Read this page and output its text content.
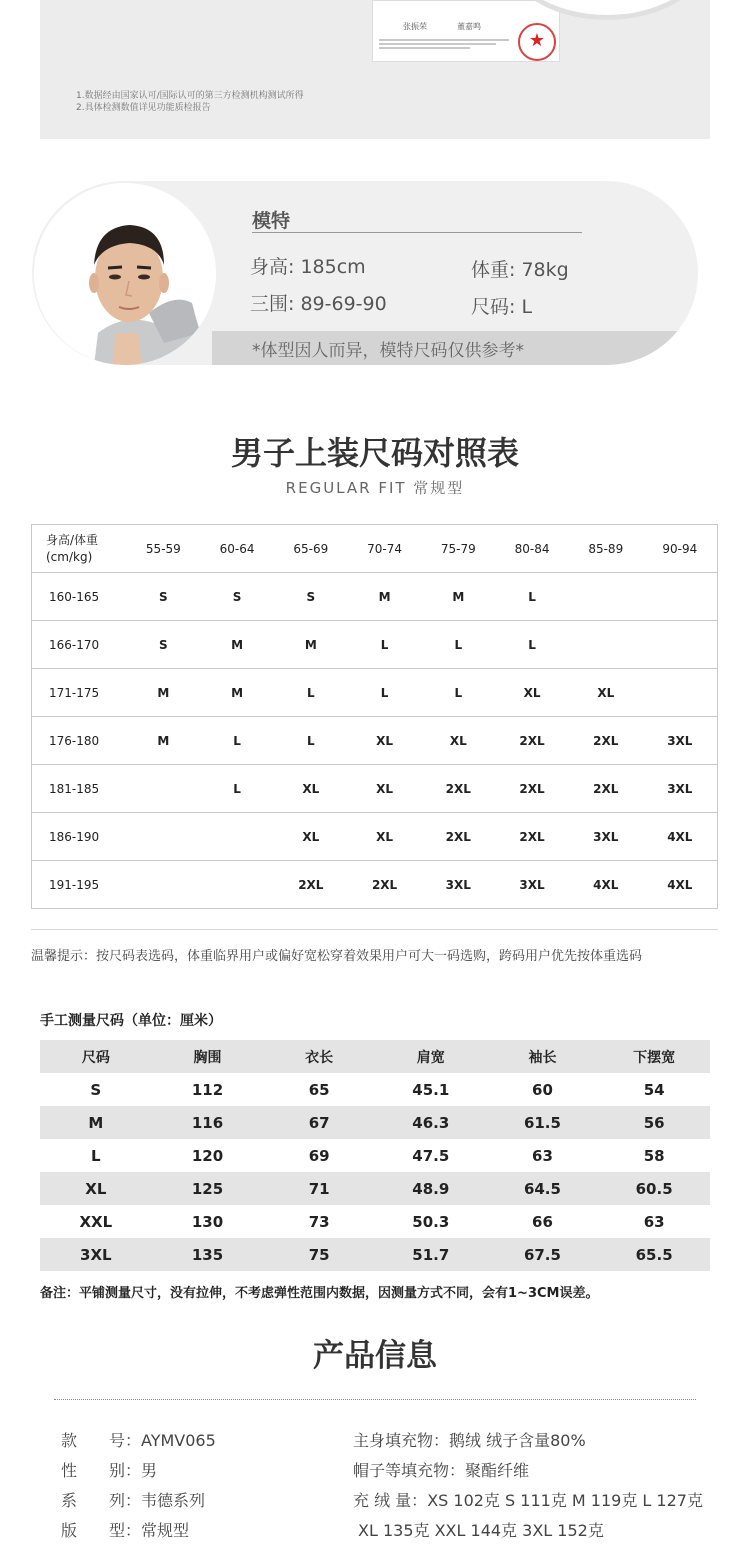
张振荣	董嘉鸣
★
1.数据经由国家认可/国际认可的第三方检测机构测试所得
2.具体检测数值详见功能质检报告
模特
身高: 185cm	体重: 78kg
三围: 89-69-90	尺码: L
*体型因人而异，模特尺码仅供参考*
男子上装尺码对照表
REGULAR FIT 常规型
身高/体重
(cm/kg)	55-59	60-64	65-69	70-74	75-79	80-84	85-89	90-94
160-165	S	S	S	M	M	L		
166-170	S	M	M	L	L	L		
171-175	M	M	L	L	L	XL	XL	
176-180	M	L	L	XL	XL	2XL	2XL	3XL
181-185		L	XL	XL	2XL	2XL	2XL	3XL
186-190			XL	XL	2XL	2XL	3XL	4XL
191-195			2XL	2XL	3XL	3XL	4XL	4XL
温馨提示：按尺码表选码，体重临界用户或偏好宽松穿着效果用户可大一码选购，跨码用户优先按体重选码
手工测量尺码（单位：厘米）
尺码	胸围	衣长	肩宽	袖长	下摆宽
S	112	65	45.1	60	54
M	116	67	46.3	61.5	56
L	120	69	47.5	63	58
XL	125	71	48.9	64.5	60.5
XXL	130	73	50.3	66	63
3XL	135	75	51.7	67.5	65.5
备注：平铺测量尺寸，没有拉伸，不考虑弹性范围内数据，因测量方式不同，会有1~3CM误差。
产品信息
款　　号：AYMV065
性　　别：男
系　　列：韦德系列
版　　型：常规型
主身填充物：鹅绒 绒子含量80%
帽子等填充物：聚酯纤维
充 绒 量：XS 102克 S 111克 M 119克 L 127克
XL 135克 XXL 144克 3XL 152克
